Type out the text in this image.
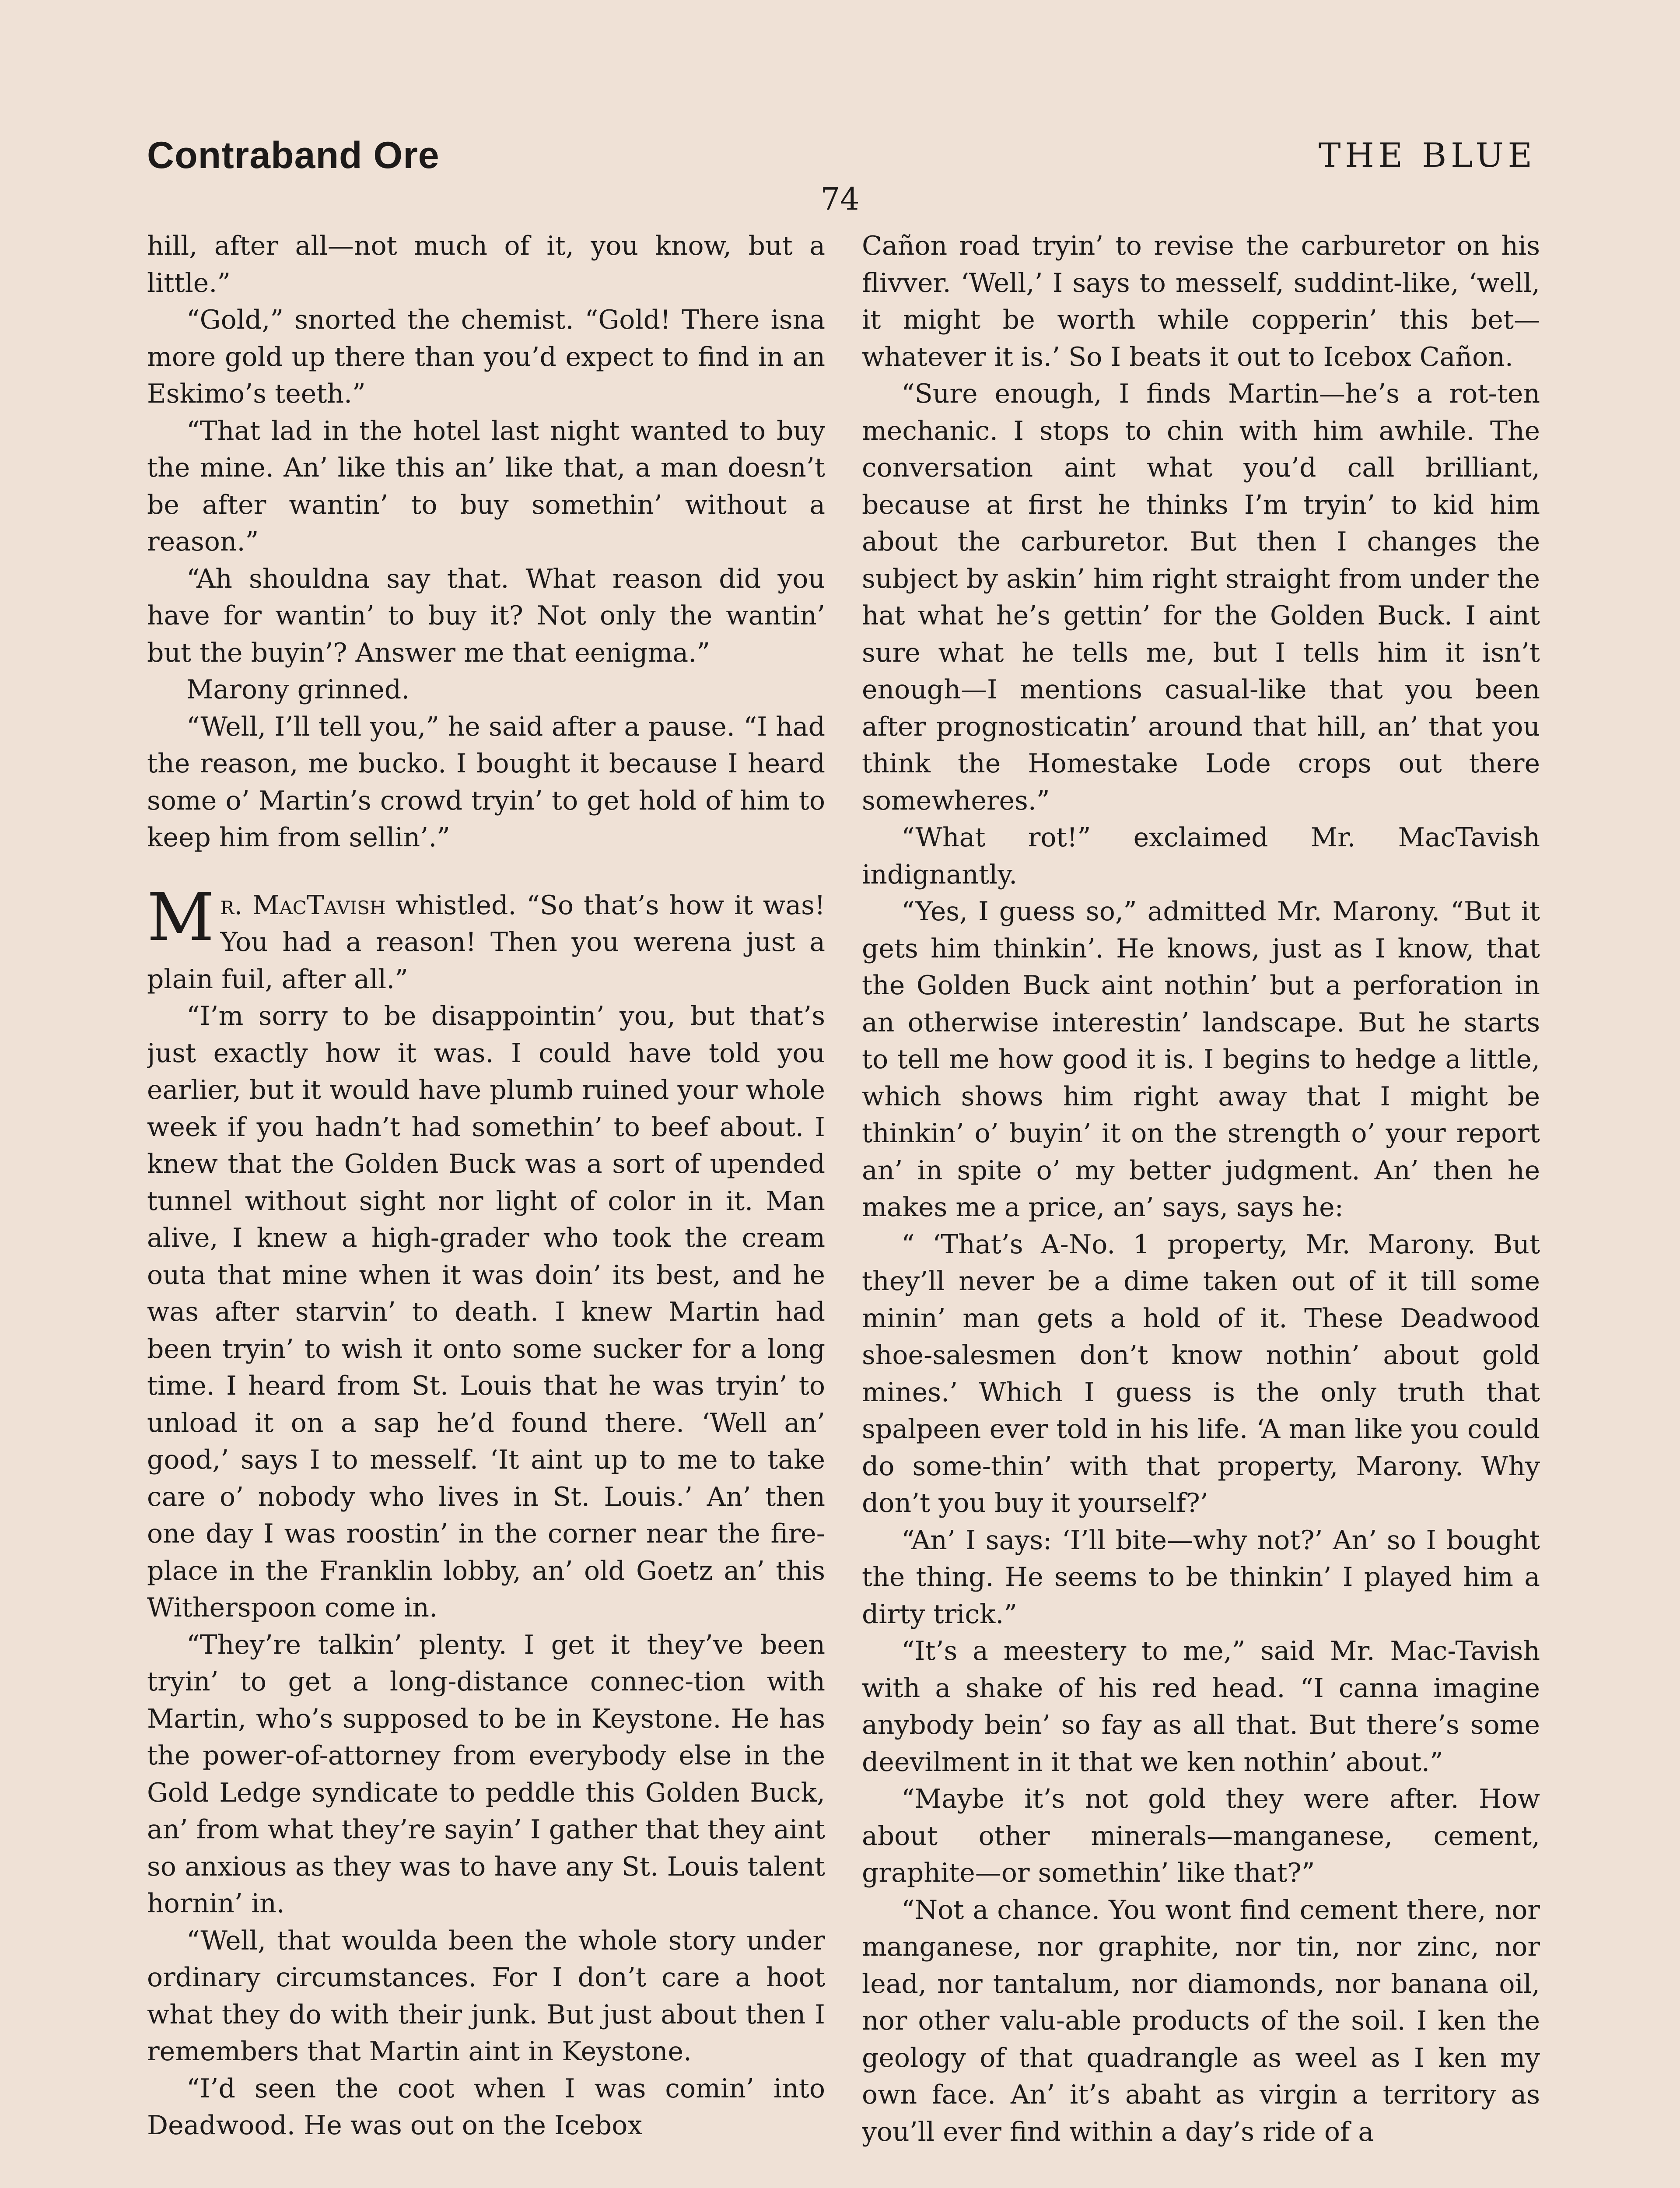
Contraband Ore	THE BLUE
74

hill, after all—not much of it, you know, but a little.”

“Gold,” snorted the chemist. “Gold! There isna more gold up there than you’d expect to find in an Eskimo’s teeth.”

“That lad in the hotel last night wanted to buy the mine. An’ like this an’ like that, a man doesn’t be after wantin’ to buy somethin’ without a reason.”

“Ah shouldna say that. What reason did you have for wantin’ to buy it? Not only the wantin’ but the buyin’? Answer me that eenigma.”

Marony grinned.

“Well, I’ll tell you,” he said after a pause. “I had the reason, me bucko. I bought it because I heard some o’ Martin’s crowd tryin’ to get hold of him to keep him from sellin’.”

Mr. MacTavish whistled. “So that’s how it was! You had a reason! Then you werena just a plain fuil, after all.”

“I’m sorry to be disappointin’ you, but that’s just exactly how it was. I could have told you earlier, but it would have plumb ruined your whole week if you hadn’t had somethin’ to beef about. I knew that the Golden Buck was a sort of upended tunnel without sight nor light of color in it. Man alive, I knew a high-grader who took the cream outa that mine when it was doin’ its best, and he was after starvin’ to death. I knew Martin had been tryin’ to wish it onto some sucker for a long time. I heard from St. Louis that he was tryin’ to unload it on a sap he’d found there. ‘Well an’ good,’ says I to mesself. ‘It aint up to me to take care o’ nobody who lives in St. Louis.’ An’ then one day I was roostin’ in the corner near the fire-place in the Franklin lobby, an’ old Goetz an’ this Witherspoon come in.

“They’re talkin’ plenty. I get it they’ve been tryin’ to get a long-distance connec-tion with Martin, who’s supposed to be in Keystone. He has the power-of-attorney from everybody else in the Gold Ledge syndicate to peddle this Golden Buck, an’ from what they’re sayin’ I gather that they aint so anxious as they was to have any St. Louis talent hornin’ in.

“Well, that woulda been the whole story under ordinary circumstances. For I don’t care a hoot what they do with their junk. But just about then I remembers that Martin aint in Keystone.

“I’d seen the coot when I was comin’ into Deadwood. He was out on the Icebox

Cañon road tryin’ to revise the carburetor on his flivver. ‘Well,’ I says to mesself, suddint-like, ‘well, it might be worth while copperin’ this bet—whatever it is.’ So I beats it out to Icebox Cañon.

“Sure enough, I finds Martin—he’s a rot-ten mechanic. I stops to chin with him awhile. The conversation aint what you’d call brilliant, because at first he thinks I’m tryin’ to kid him about the carburetor. But then I changes the subject by askin’ him right straight from under the hat what he’s gettin’ for the Golden Buck. I aint sure what he tells me, but I tells him it isn’t enough—I mentions casual-like that you been after prognosticatin’ around that hill, an’ that you think the Homestake Lode crops out there somewheres.”

“What rot!” exclaimed Mr. MacTavish indignantly.

“Yes, I guess so,” admitted Mr. Marony. “But it gets him thinkin’. He knows, just as I know, that the Golden Buck aint nothin’ but a perforation in an otherwise interestin’ landscape. But he starts to tell me how good it is. I begins to hedge a little, which shows him right away that I might be thinkin’ o’ buyin’ it on the strength o’ your report an’ in spite o’ my better judgment. An’ then he makes me a price, an’ says, says he:

“ ‘That’s A-No. 1 property, Mr. Marony. But they’ll never be a dime taken out of it till some minin’ man gets a hold of it. These Deadwood shoe-salesmen don’t know nothin’ about gold mines.’ Which I guess is the only truth that spalpeen ever told in his life. ‘A man like you could do some-thin’ with that property, Marony. Why don’t you buy it yourself?’

“An’ I says: ‘I’ll bite—why not?’ An’ so I bought the thing. He seems to be thinkin’ I played him a dirty trick.”

“It’s a meestery to me,” said Mr. Mac-Tavish with a shake of his red head. “I canna imagine anybody bein’ so fay as all that. But there’s some deevilment in it that we ken nothin’ about.”

“Maybe it’s not gold they were after. How about other minerals—manganese, cement, graphite—or somethin’ like that?”

“Not a chance. You wont find cement there, nor manganese, nor graphite, nor tin, nor zinc, nor lead, nor tantalum, nor diamonds, nor banana oil, nor other valu-able products of the soil. I ken the geology of that quadrangle as weel as I ken my own face. An’ it’s abaht as virgin a territory as you’ll ever find within a day’s ride of a
